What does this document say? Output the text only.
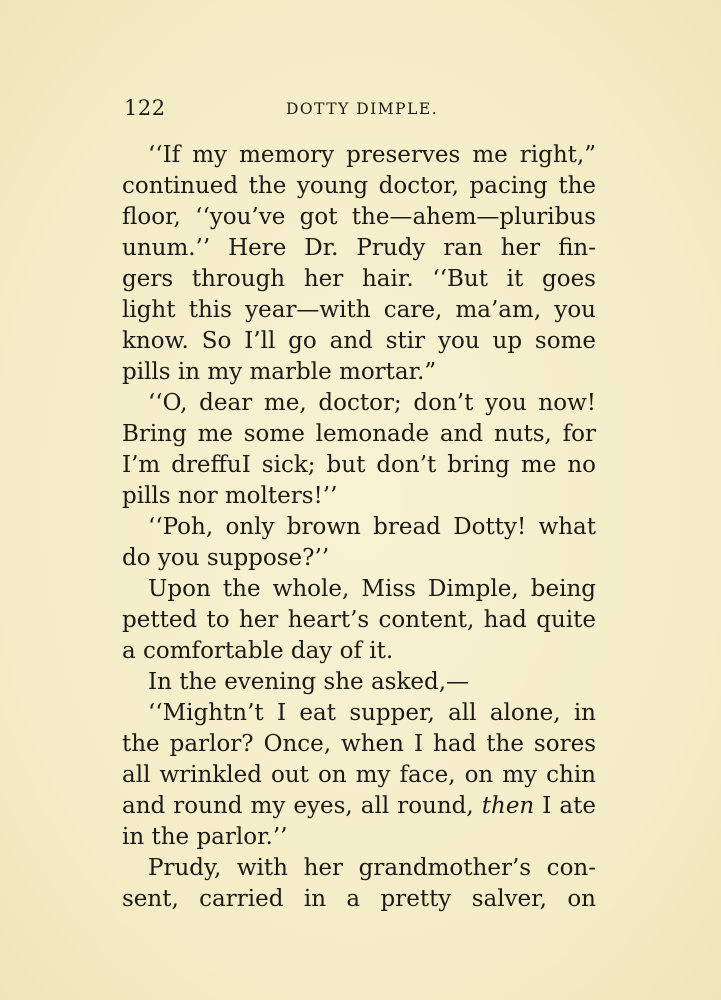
122	DOTTY DIMPLE.
‘‘If my memory preserves me right,”
continued the young doctor, pacing the
floor, ‘‘you’ve got the—ahem—pluribus
unum.’’ Here Dr. Prudy ran her fin-
gers through her hair. ‘‘But it goes
light this year—with care, ma’am, you
know. So I’ll go and stir you up some
pills in my marble mortar.”
‘‘O, dear me, doctor; don’t you now!
Bring me some lemonade and nuts, for
I’m dreffuI sick; but don’t bring me no
pills nor molters!’’
‘‘Poh, only brown bread Dotty! what
do you suppose?’’
Upon the whole, Miss Dimple, being
petted to her heart’s content, had quite
a comfortable day of it.
In the evening she asked,—
‘‘Mightn’t I eat supper, all alone, in
the parlor? Once, when I had the sores
all wrinkled out on my face, on my chin
and round my eyes, all round, then I ate
in the parlor.’’
Prudy, with her grandmother’s con-
sent, carried in a pretty salver, on
